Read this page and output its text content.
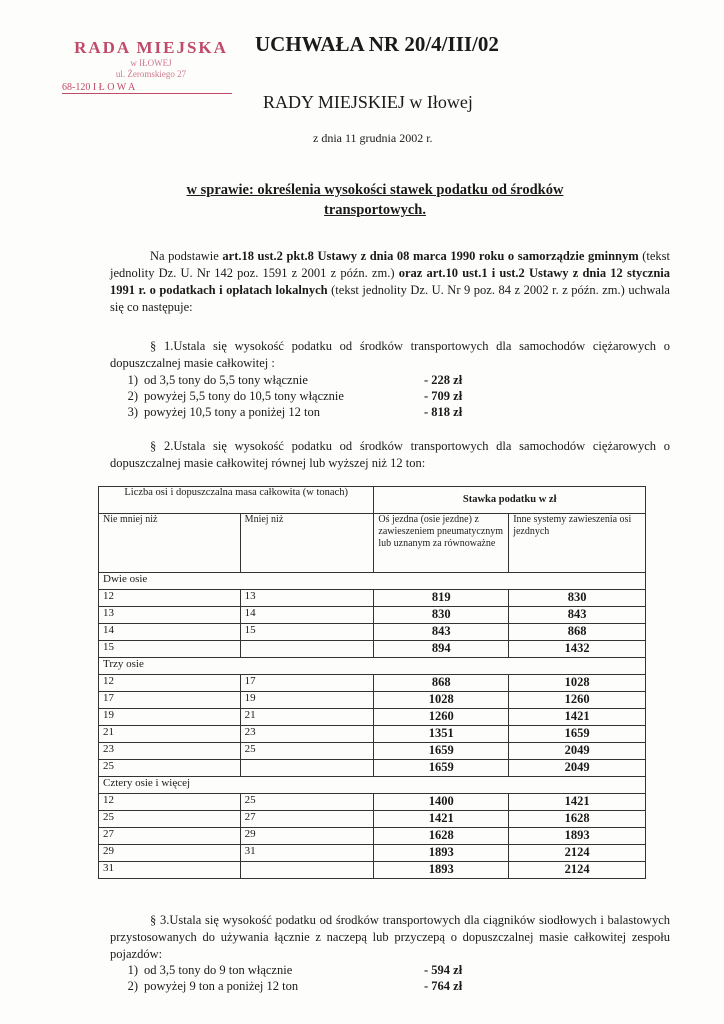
RADA MIEJSKA
w IŁOWEJ
ul. Żeromskiego 27
68-120 I Ł O W A
UCHWAŁA NR 20/4/III/02
RADY MIEJSKIEJ w Iłowej
z dnia 11 grudnia 2002 r.
w sprawie: określenia wysokości stawek podatku od środków transportowych.
Na podstawie art.18 ust.2 pkt.8 Ustawy z dnia 08 marca 1990 roku o samorządzie gminnym (tekst jednolity Dz. U. Nr 142 poz. 1591 z 2001 z późn. zm.) oraz art.10 ust.1 i ust.2 Ustawy z dnia 12 stycznia 1991 r. o podatkach i opłatach lokalnych (tekst jednolity Dz. U. Nr 9 poz. 84 z 2002 r. z późn. zm.) uchwala się co następuje:
§ 1.Ustala się wysokość podatku od środków transportowych dla samochodów ciężarowych o dopuszczalnej masie całkowitej :
1) od 3,5 tony do 5,5 tony włącznie	- 228 zł
2) powyżej 5,5 tony do 10,5 tony włącznie	- 709 zł
3) powyżej 10,5 tony a poniżej 12 ton	- 818 zł
§ 2.Ustala się wysokość podatku od środków transportowych dla samochodów ciężarowych o dopuszczalnej masie całkowitej równej lub wyższej niż 12 ton:
Liczba osi i dopuszczalna masa całkowita (w tonach)		Stawka podatku w zł	
Nie mniej niż	Mniej niż	Oś jezdna (osie jezdne) z zawieszeniem pneumatycznym lub uznanym za równoważne	Inne systemy zawieszenia osi jezdnych
Dwie osie			
12	13	819	830
13	14	830	843
14	15	843	868
15		894	1432
Trzy osie			
12	17	868	1028
17	19	1028	1260
19	21	1260	1421
21	23	1351	1659
23	25	1659	2049
25		1659	2049
Cztery osie i więcej			
12	25	1400	1421
25	27	1421	1628
27	29	1628	1893
29	31	1893	2124
31		1893	2124
§ 3.Ustala się wysokość podatku od środków transportowych dla ciągników siodłowych i balastowych przystosowanych do używania łącznie z naczepą lub przyczepą o dopuszczalnej masie całkowitej zespołu pojazdów:
1) od 3,5 tony do 9 ton włącznie	- 594 zł
2) powyżej 9 ton a poniżej 12 ton	- 764 zł
